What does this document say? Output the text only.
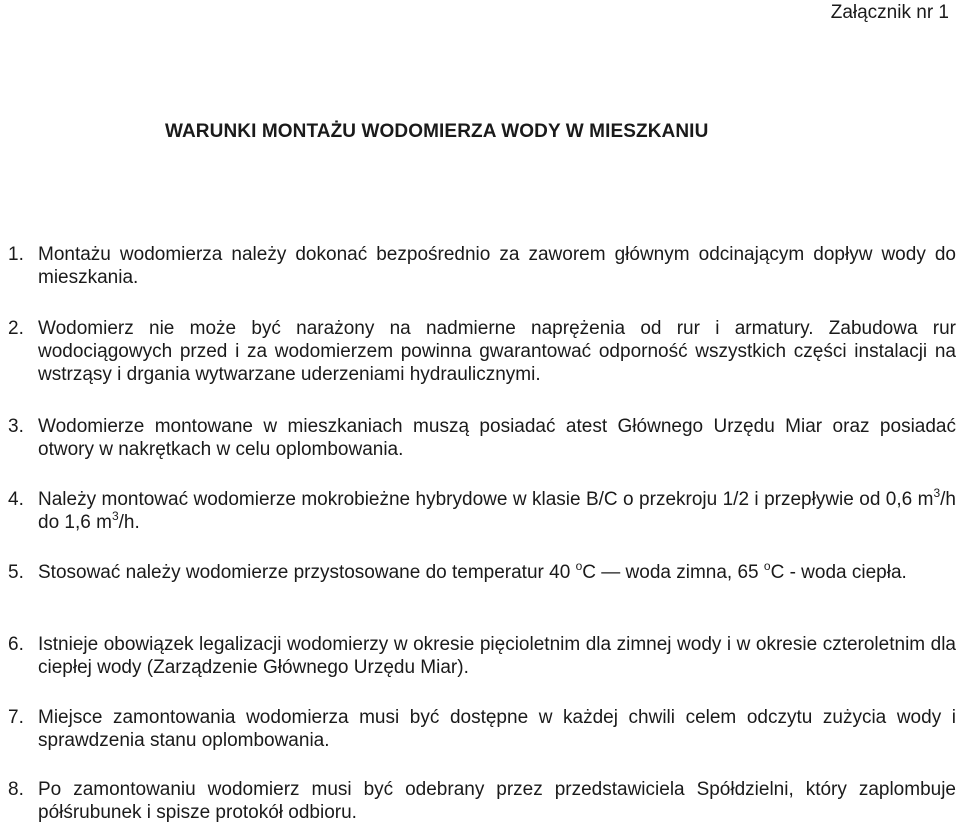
Załącznik nr 1
WARUNKI MONTAŻU WODOMIERZA WODY W MIESZKANIU
1. Montażu wodomierza należy dokonać bezpośrednio za zaworem głównym odcinającym dopływ wody do mieszkania.
2. Wodomierz nie może być narażony na nadmierne naprężenia od rur i armatury. Zabudowa rur wodociągowych przed i za wodomierzem powinna gwarantować odporność wszystkich części instalacji na wstrząsy i drgania wytwarzane uderzeniami hydraulicznymi.
3. Wodomierze montowane w mieszkaniach muszą posiadać atest Głównego Urzędu Miar oraz posiadać otwory w nakrętkach w celu oplombowania.
4. Należy montować wodomierze mokrobieżne hybrydowe w klasie B/C o przekroju 1/2 i przepływie od 0,6 $m^3/h$ do 1,6 $m^3/h$.
5. Stosować należy wodomierze przystosowane do temperatur 40 $^o$C — woda zimna, 65 $^o$C - woda ciepła.
6. Istnieje obowiązek legalizacji wodomierzy w okresie pięcioletnim dla zimnej wody i w okresie czteroletnim dla ciepłej wody (Zarządzenie Głównego Urzędu Miar).
7. Miejsce zamontowania wodomierza musi być dostępne w każdej chwili celem odczytu zużycia wody i sprawdzenia stanu oplombowania.
8. Po zamontowaniu wodomierz musi być odebrany przez przedstawiciela Spółdzielni, który zaplombuje półśrubunek i spisze protokół odbioru.
